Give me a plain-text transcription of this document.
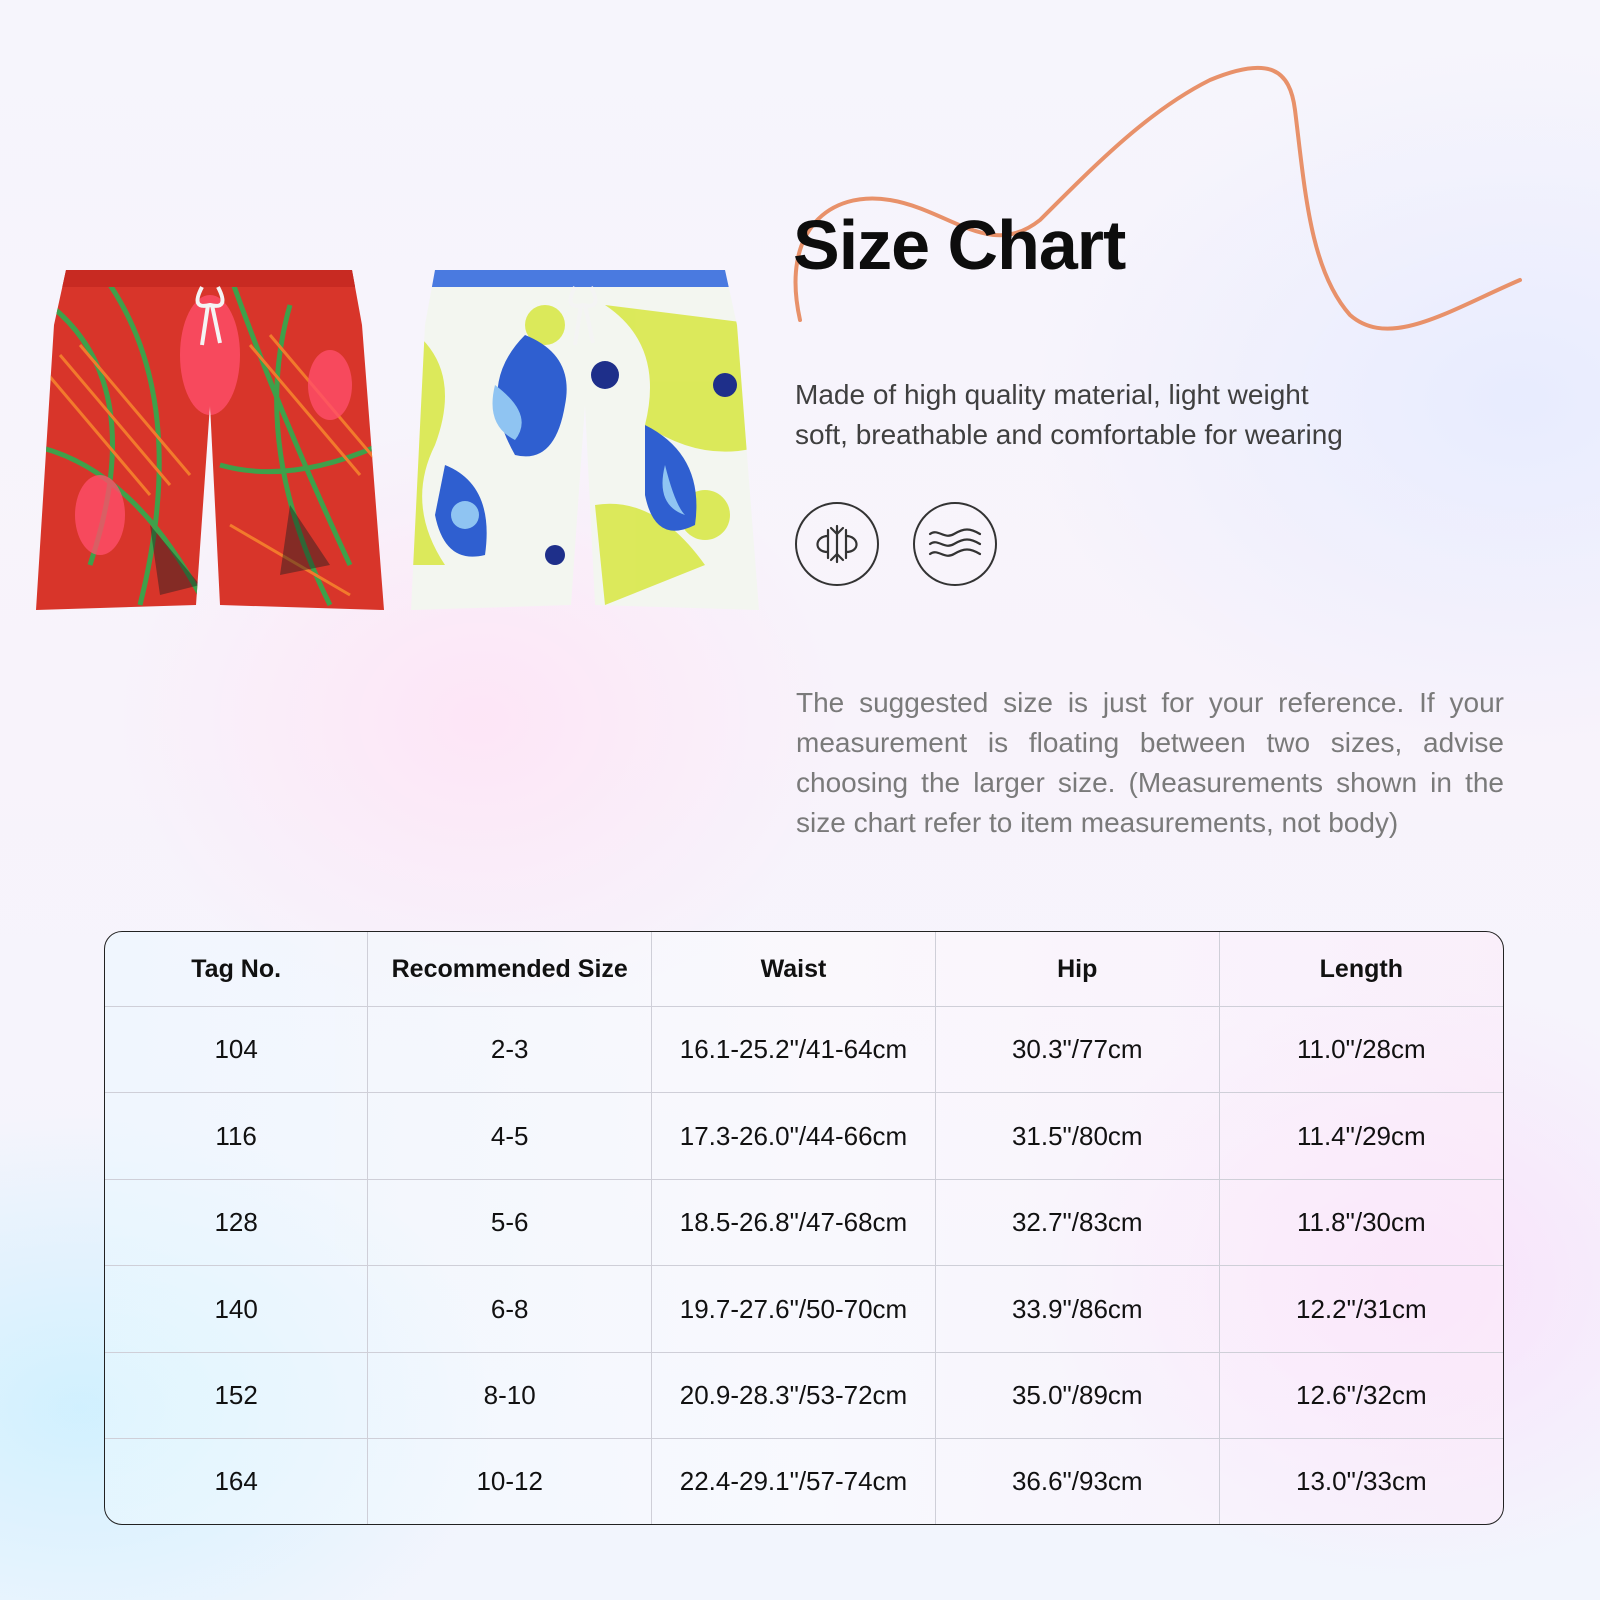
Size Chart
Made of high quality material, light weight
soft, breathable and comfortable for wearing

The suggested size is just for your reference. If your measurement is floating between two sizes, advise choosing the larger size. (Measurements shown in the size chart refer to item measurements, not body)

Tag No.	Recommended Size	Waist	Hip	Length
104	2-3	16.1-25.2"/41-64cm	30.3"/77cm	11.0"/28cm
116	4-5	17.3-26.0"/44-66cm	31.5"/80cm	11.4"/29cm
128	5-6	18.5-26.8"/47-68cm	32.7"/83cm	11.8"/30cm
140	6-8	19.7-27.6"/50-70cm	33.9"/86cm	12.2"/31cm
152	8-10	20.9-28.3"/53-72cm	35.0"/89cm	12.6"/32cm
164	10-12	22.4-29.1"/57-74cm	36.6"/93cm	13.0"/33cm
